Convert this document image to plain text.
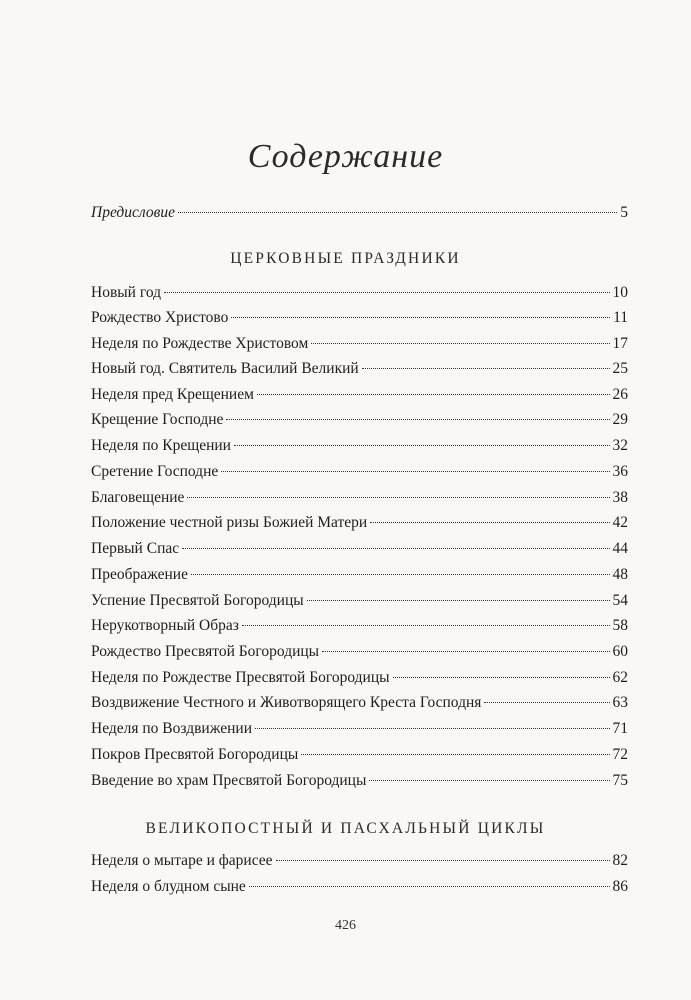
Содержание
Предисловие	5
ЦЕРКОВНЫЕ ПРАЗДНИКИ
Новый год	10
Рождество Христово	11
Неделя по Рождестве Христовом	17
Новый год. Святитель Василий Великий	25
Неделя пред Крещением	26
Крещение Господне	29
Неделя по Крещении	32
Сретение Господне	36
Благовещение	38
Положение честной ризы Божией Матери	42
Первый Спас	44
Преображение	48
Успение Пресвятой Богородицы	54
Нерукотворный Образ	58
Рождество Пресвятой Богородицы	60
Неделя по Рождестве Пресвятой Богородицы	62
Воздвижение Честного и Животворящего Креста Господня	63
Неделя по Воздвижении	71
Покров Пресвятой Богородицы	72
Введение во храм Пресвятой Богородицы	75
ВЕЛИКОПОСТНЫЙ И ПАСХАЛЬНЫЙ ЦИКЛЫ
Неделя о мытаре и фарисее	82
Неделя о блудном сыне	86
426
